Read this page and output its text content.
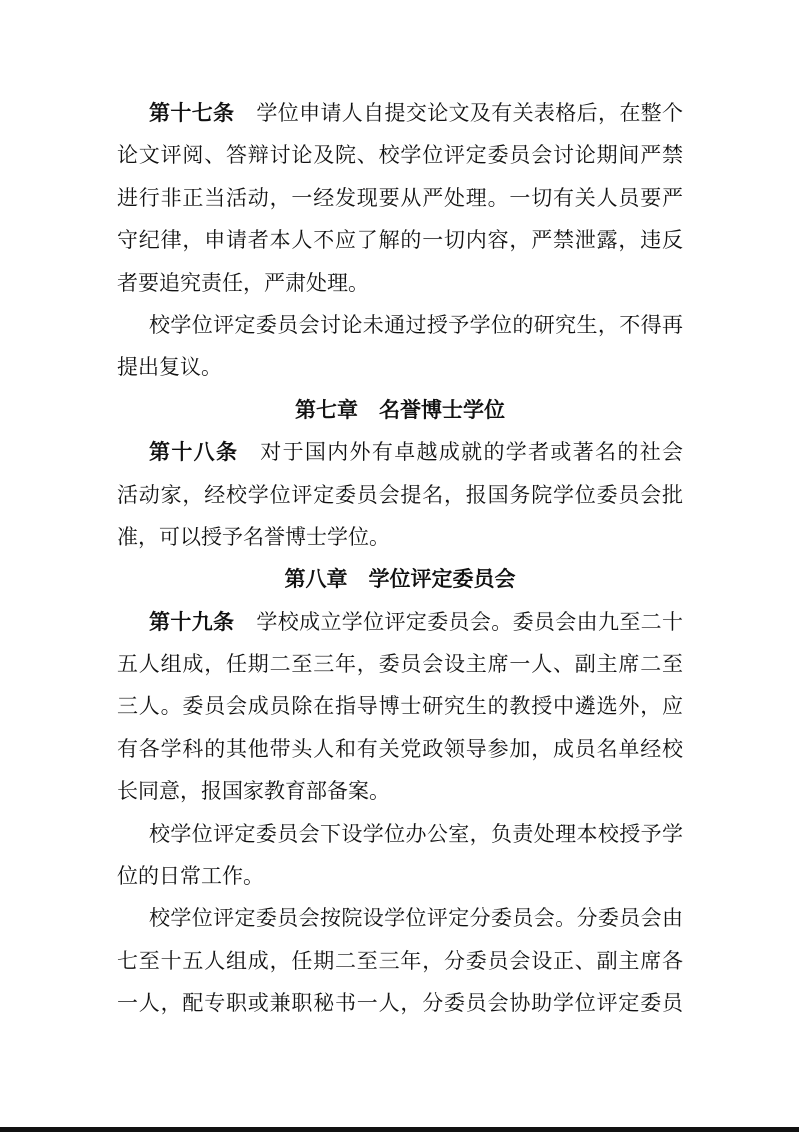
第十七条 学位申请人自提交论文及有关表格后，在整个
论文评阅、答辩讨论及院、校学位评定委员会讨论期间严禁
进行非正当活动，一经发现要从严处理。一切有关人员要严
守纪律，申请者本人不应了解的一切内容，严禁泄露，违反
者要追究责任，严肃处理。
校学位评定委员会讨论未通过授予学位的研究生，不得再
提出复议。
第七章　名誉博士学位
第十八条 对于国内外有卓越成就的学者或著名的社会
活动家，经校学位评定委员会提名，报国务院学位委员会批
准，可以授予名誉博士学位。
第八章　学位评定委员会
第十九条 学校成立学位评定委员会。委员会由九至二十
五人组成，任期二至三年，委员会设主席一人、副主席二至
三人。委员会成员除在指导博士研究生的教授中遴选外，应
有各学科的其他带头人和有关党政领导参加，成员名单经校
长同意，报国家教育部备案。
校学位评定委员会下设学位办公室，负责处理本校授予学
位的日常工作。
校学位评定委员会按院设学位评定分委员会。分委员会由
七至十五人组成，任期二至三年，分委员会设正、副主席各
一人，配专职或兼职秘书一人，分委员会协助学位评定委员
